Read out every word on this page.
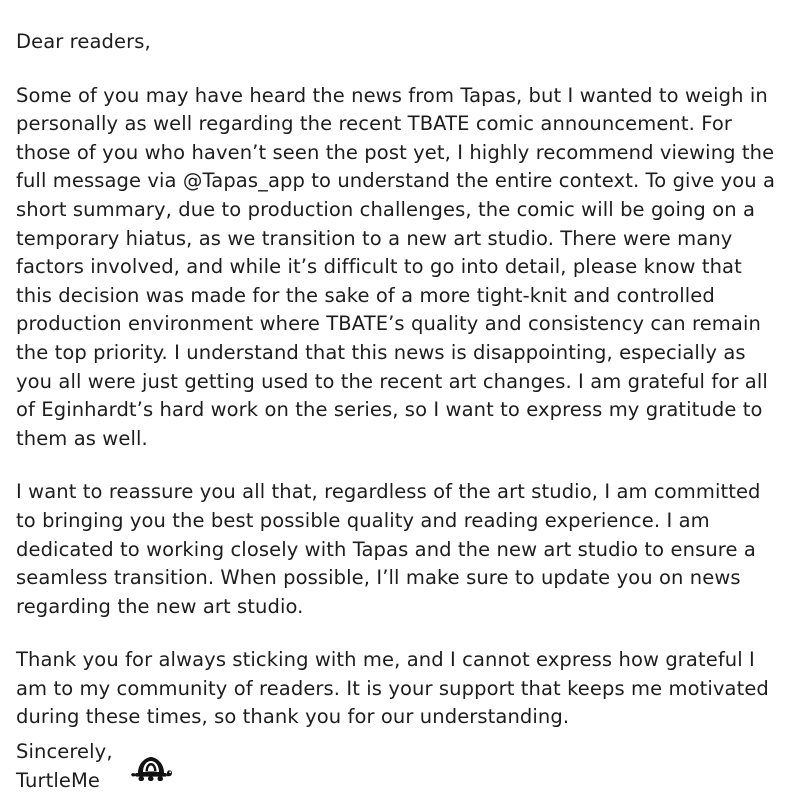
Dear readers,

Some of you may have heard the news from Tapas, but I wanted to weigh in personally as well regarding the recent TBATE comic announcement. For those of you who haven’t seen the post yet, I highly recommend viewing the full message via @Tapas_app to understand the entire context. To give you a short summary, due to production challenges, the comic will be going on a temporary hiatus, as we transition to a new art studio. There were many factors involved, and while it’s difficult to go into detail, please know that this decision was made for the sake of a more tight-knit and controlled production environment where TBATE’s quality and consistency can remain the top priority. I understand that this news is disappointing, especially as you all were just getting used to the recent art changes. I am grateful for all of Eginhardt’s hard work on the series, so I want to express my gratitude to them as well.

I want to reassure you all that, regardless of the art studio, I am committed to bringing you the best possible quality and reading experience. I am dedicated to working closely with Tapas and the new art studio to ensure a seamless transition. When possible, I’ll make sure to update you on news regarding the new art studio.

Thank you for always sticking with me, and I cannot express how grateful I am to my community of readers. It is your support that keeps me motivated during these times, so thank you for our understanding.

Sincerely,
TurtleMe
